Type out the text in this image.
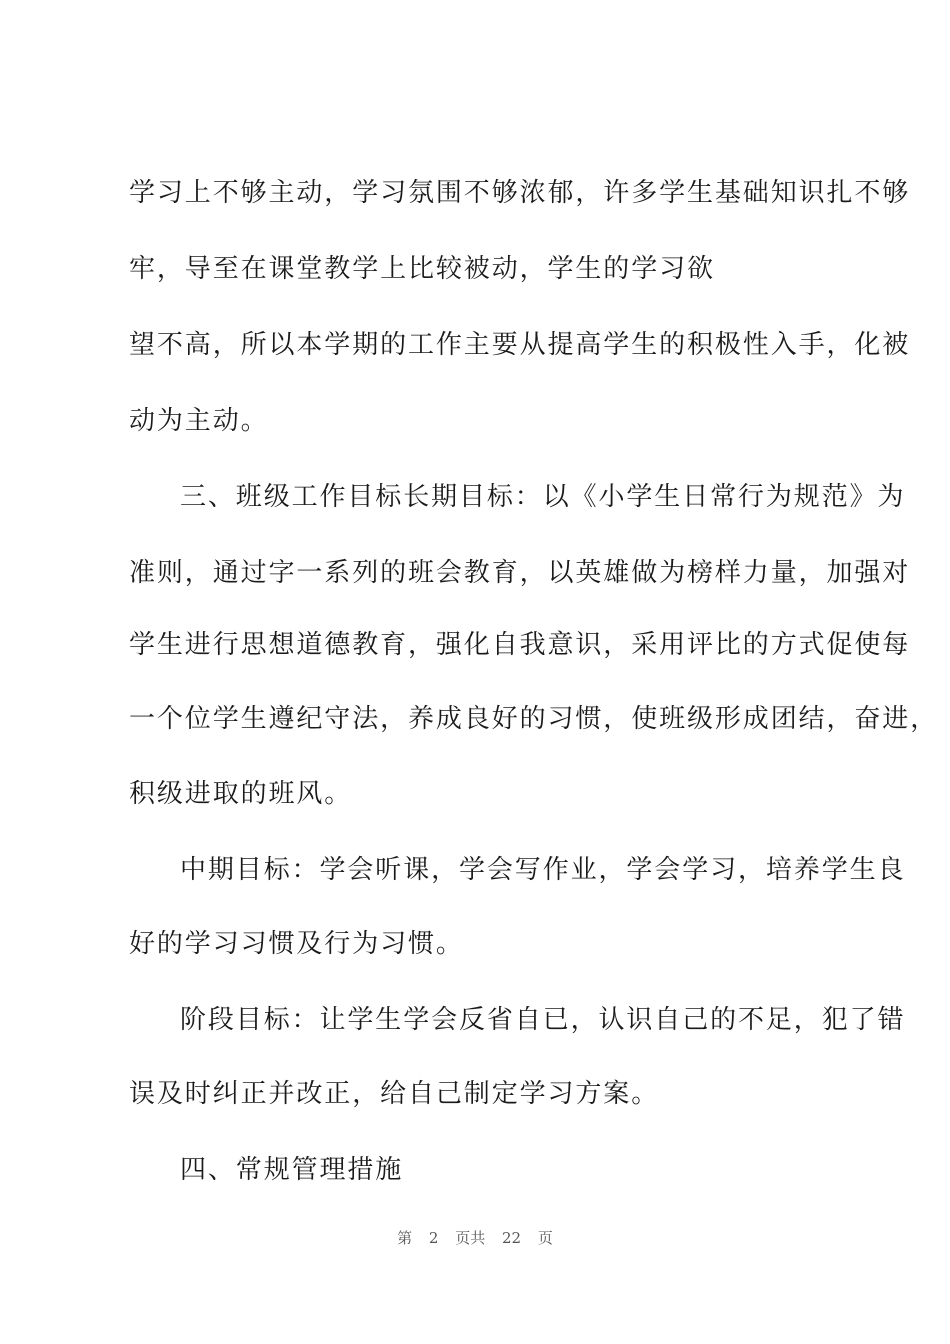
学习上不够主动，学习氛围不够浓郁，许多学生基础知识扎不够
牢，导至在课堂教学上比较被动，学生的学习欲
望不高，所以本学期的工作主要从提高学生的积极性入手，化被
动为主动。
三、班级工作目标长期目标：以《小学生日常行为规范》为
准则，通过字一系列的班会教育，以英雄做为榜样力量，加强对
学生进行思想道德教育，强化自我意识，采用评比的方式促使每
一个位学生遵纪守法，养成良好的习惯，使班级形成团结，奋进，
积级进取的班风。
中期目标：学会听课，学会写作业，学会学习，培养学生良
好的学习习惯及行为习惯。
阶段目标：让学生学会反省自已，认识自己的不足，犯了错
误及时纠正并改正，给自己制定学习方案。
四、常规管理措施
第 2 页共 22 页
